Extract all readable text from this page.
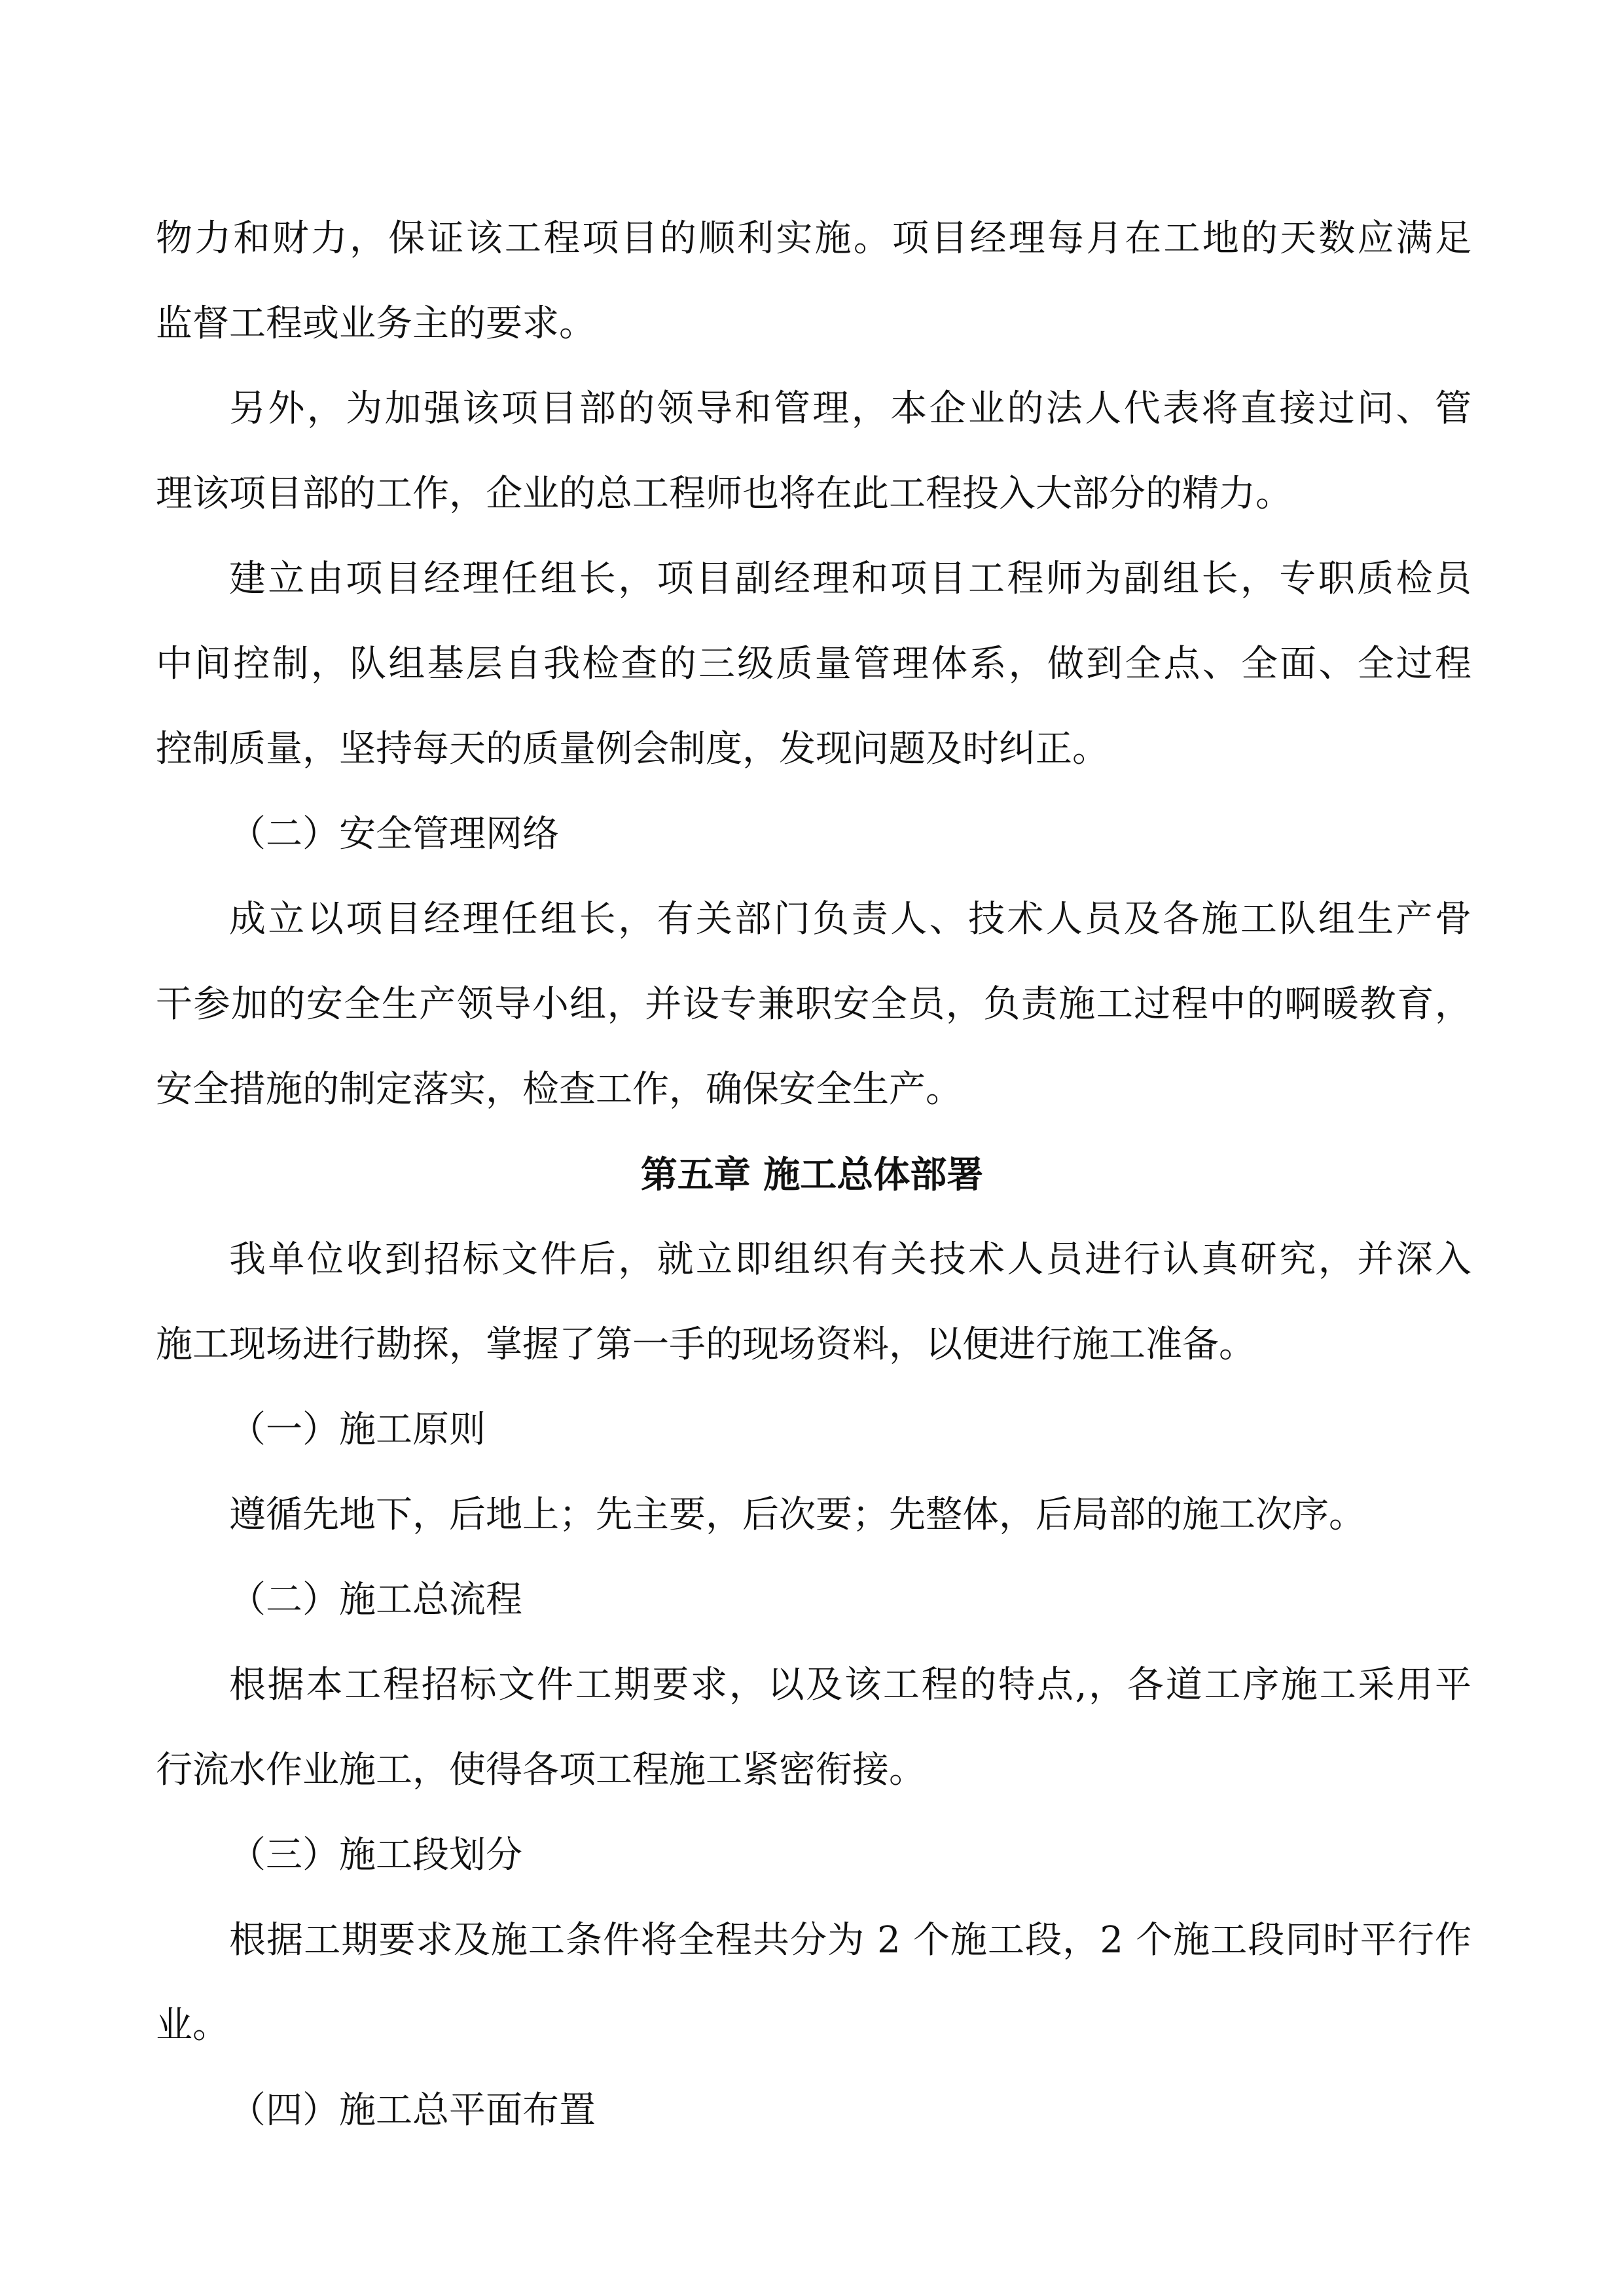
物力和财力，保证该工程项目的顺利实施。项目经理每月在工地的天数应满足
监督工程或业务主的要求。
另外，为加强该项目部的领导和管理，本企业的法人代表将直接过问、管
理该项目部的工作，企业的总工程师也将在此工程投入大部分的精力。
建立由项目经理任组长，项目副经理和项目工程师为副组长，专职质检员
中间控制，队组基层自我检查的三级质量管理体系，做到全点、全面、全过程
控制质量，坚持每天的质量例会制度，发现问题及时纠正。
（二）安全管理网络
成立以项目经理任组长，有关部门负责人、技术人员及各施工队组生产骨
干参加的安全生产领导小组，并设专兼职安全员，负责施工过程中的啊暖教育，
安全措施的制定落实，检查工作，确保安全生产。
第五章 施工总体部署
我单位收到招标文件后，就立即组织有关技术人员进行认真研究，并深入
施工现场进行勘探，掌握了第一手的现场资料，以便进行施工准备。
（一）施工原则
遵循先地下，后地上；先主要，后次要；先整体，后局部的施工次序。
（二）施工总流程
根据本工程招标文件工期要求，以及该工程的特点,，各道工序施工采用平
行流水作业施工，使得各项工程施工紧密衔接。
（三）施工段划分
根据工期要求及施工条件将全程共分为 2 个施工段，2 个施工段同时平行作
业。
（四）施工总平面布置
